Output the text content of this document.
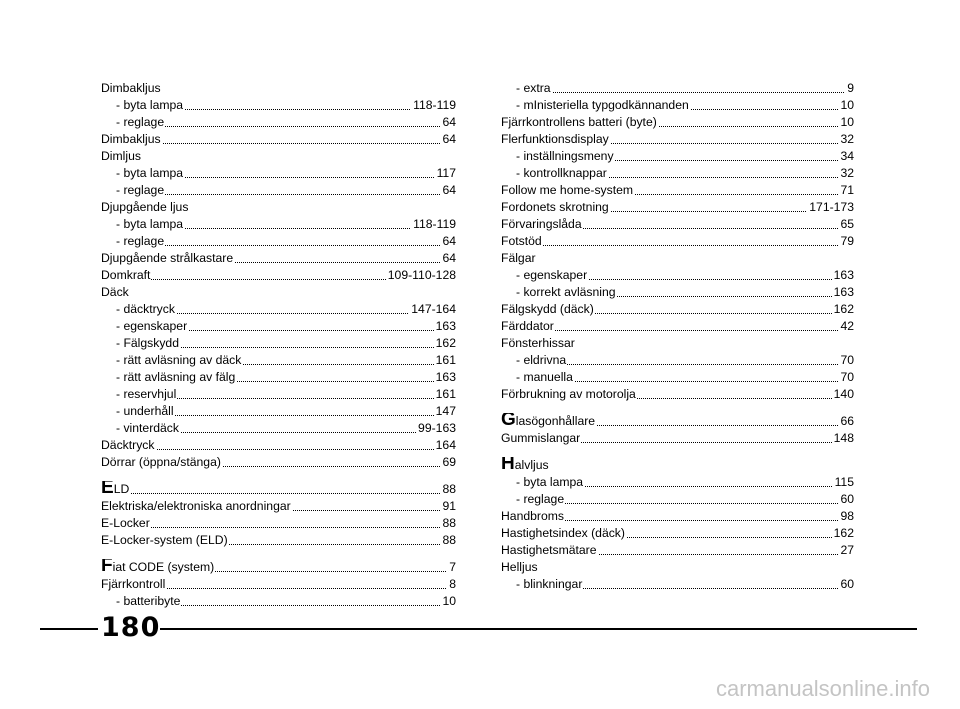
Dimbakljus
- byta lampa	118-119
- reglage	64
Dimbakljus	64
Dimljus
- byta lampa	117
- reglage	64
Djupgående ljus
- byta lampa	118-119
- reglage	64
Djupgående strålkastare	64
Domkraft	109-110-128
Däck
- däcktryck	147-164
- egenskaper	163
- Fälgskydd	162
- rätt avläsning av däck	161
- rätt avläsning av fälg	163
- reservhjul	161
- underhåll	147
- vinterdäck	99-163
Däcktryck	164
Dörrar (öppna/stänga)	69
ELD	88
Elektriska/elektroniska anordningar	91
E-Locker	88
E-Locker-system (ELD)	88
Fiat CODE (system)	7
Fjärrkontroll	8
- batteribyte	10
- extra	9
- mInisteriella typgodkännanden	10
Fjärrkontrollens batteri (byte)	10
Flerfunktionsdisplay	32
- inställningsmeny	34
- kontrollknappar	32
Follow me home-system	71
Fordonets skrotning	171-173
Förvaringslåda	65
Fotstöd	79
Fälgar
- egenskaper	163
- korrekt avläsning	163
Fälgskydd (däck)	162
Färddator	42
Fönsterhissar
- eldrivna	70
- manuella	70
Förbrukning av motorolja	140
Glasögonhållare	66
Gummislangar	148
Halvljus
- byta lampa	115
- reglage	60
Handbroms	98
Hastighetsindex (däck)	162
Hastighetsmätare	27
Helljus
- blinkningar	60
180
carmanualsonline.info
